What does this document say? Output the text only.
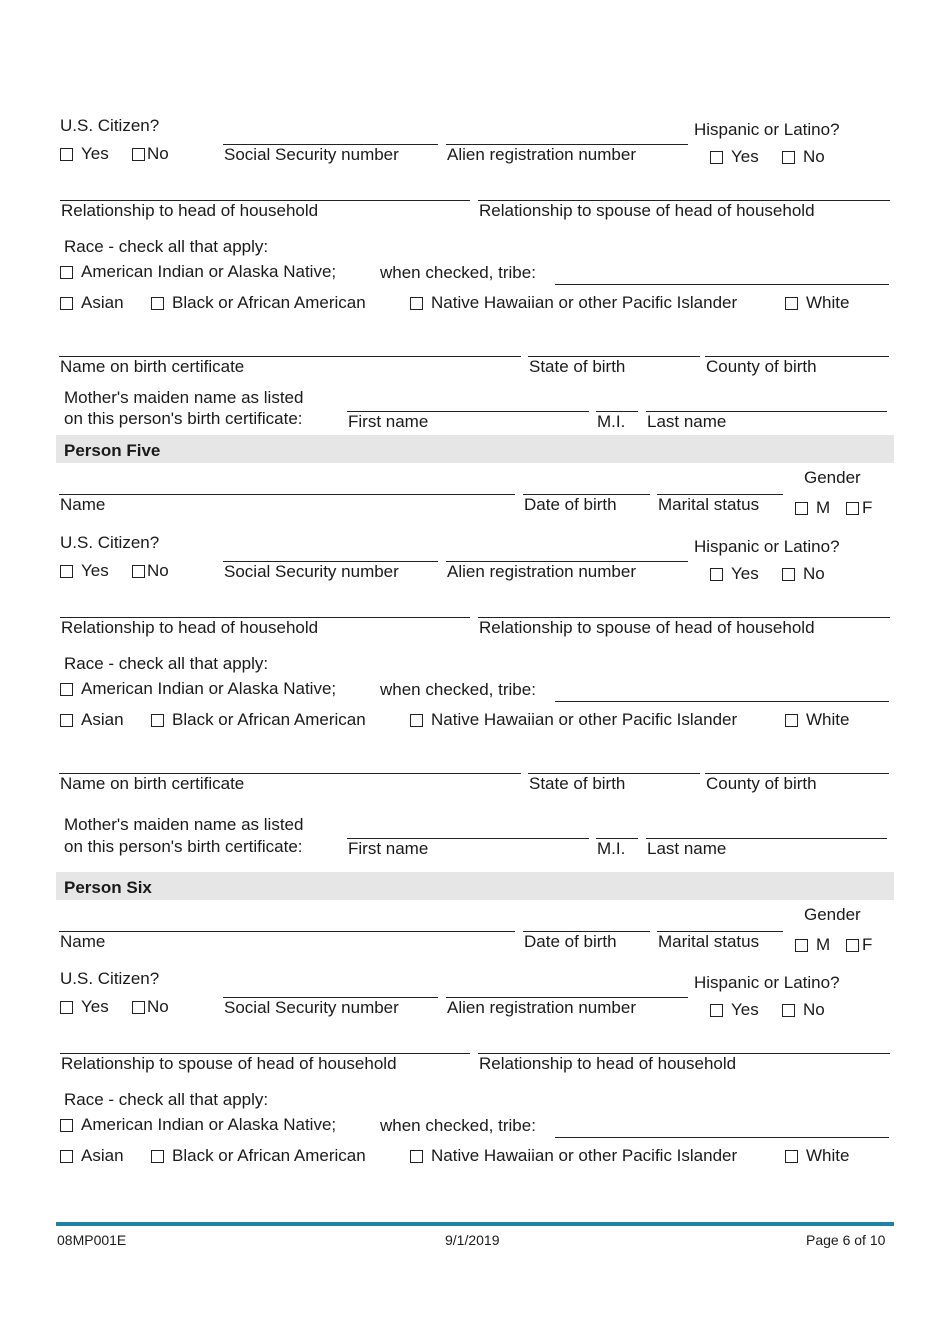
U.S. Citizen?
Yes No	Social Security number	Alien registration number
Hispanic or Latino?
Yes	No
Relationship to head of household	Relationship to spouse of head of household
Race - check all that apply:
American Indian or Alaska Native;	when checked, tribe:
Asian	Black or African American	Native Hawaiian or other Pacific Islander	White
Name on birth certificate	State of birth	County of birth
Mother's maiden name as listed
on this person's birth certificate:	First name	M.I. Last name
Person Five
Gender
Name	Date of birth Marital status	M F
U.S. Citizen?
Yes No	Social Security number	Alien registration number
Hispanic or Latino?
Yes	No
Relationship to head of household	Relationship to spouse of head of household
Race - check all that apply:
American Indian or Alaska Native;	when checked, tribe:
Asian	Black or African American	Native Hawaiian or other Pacific Islander	White
Name on birth certificate	State of birth	County of birth
Mother's maiden name as listed
on this person's birth certificate:	First name	M.I. Last name
Person Six
Gender
Name	Date of birth Marital status	M F
U.S. Citizen?
Yes No	Social Security number	Alien registration number
Hispanic or Latino?
Yes	No
Relationship to spouse of head of household	Relationship to head of household
Race - check all that apply:
American Indian or Alaska Native;	when checked, tribe:
Asian	Black or African American	Native Hawaiian or other Pacific Islander	White
08MP001E	9/1/2019	Page 6 of 10
